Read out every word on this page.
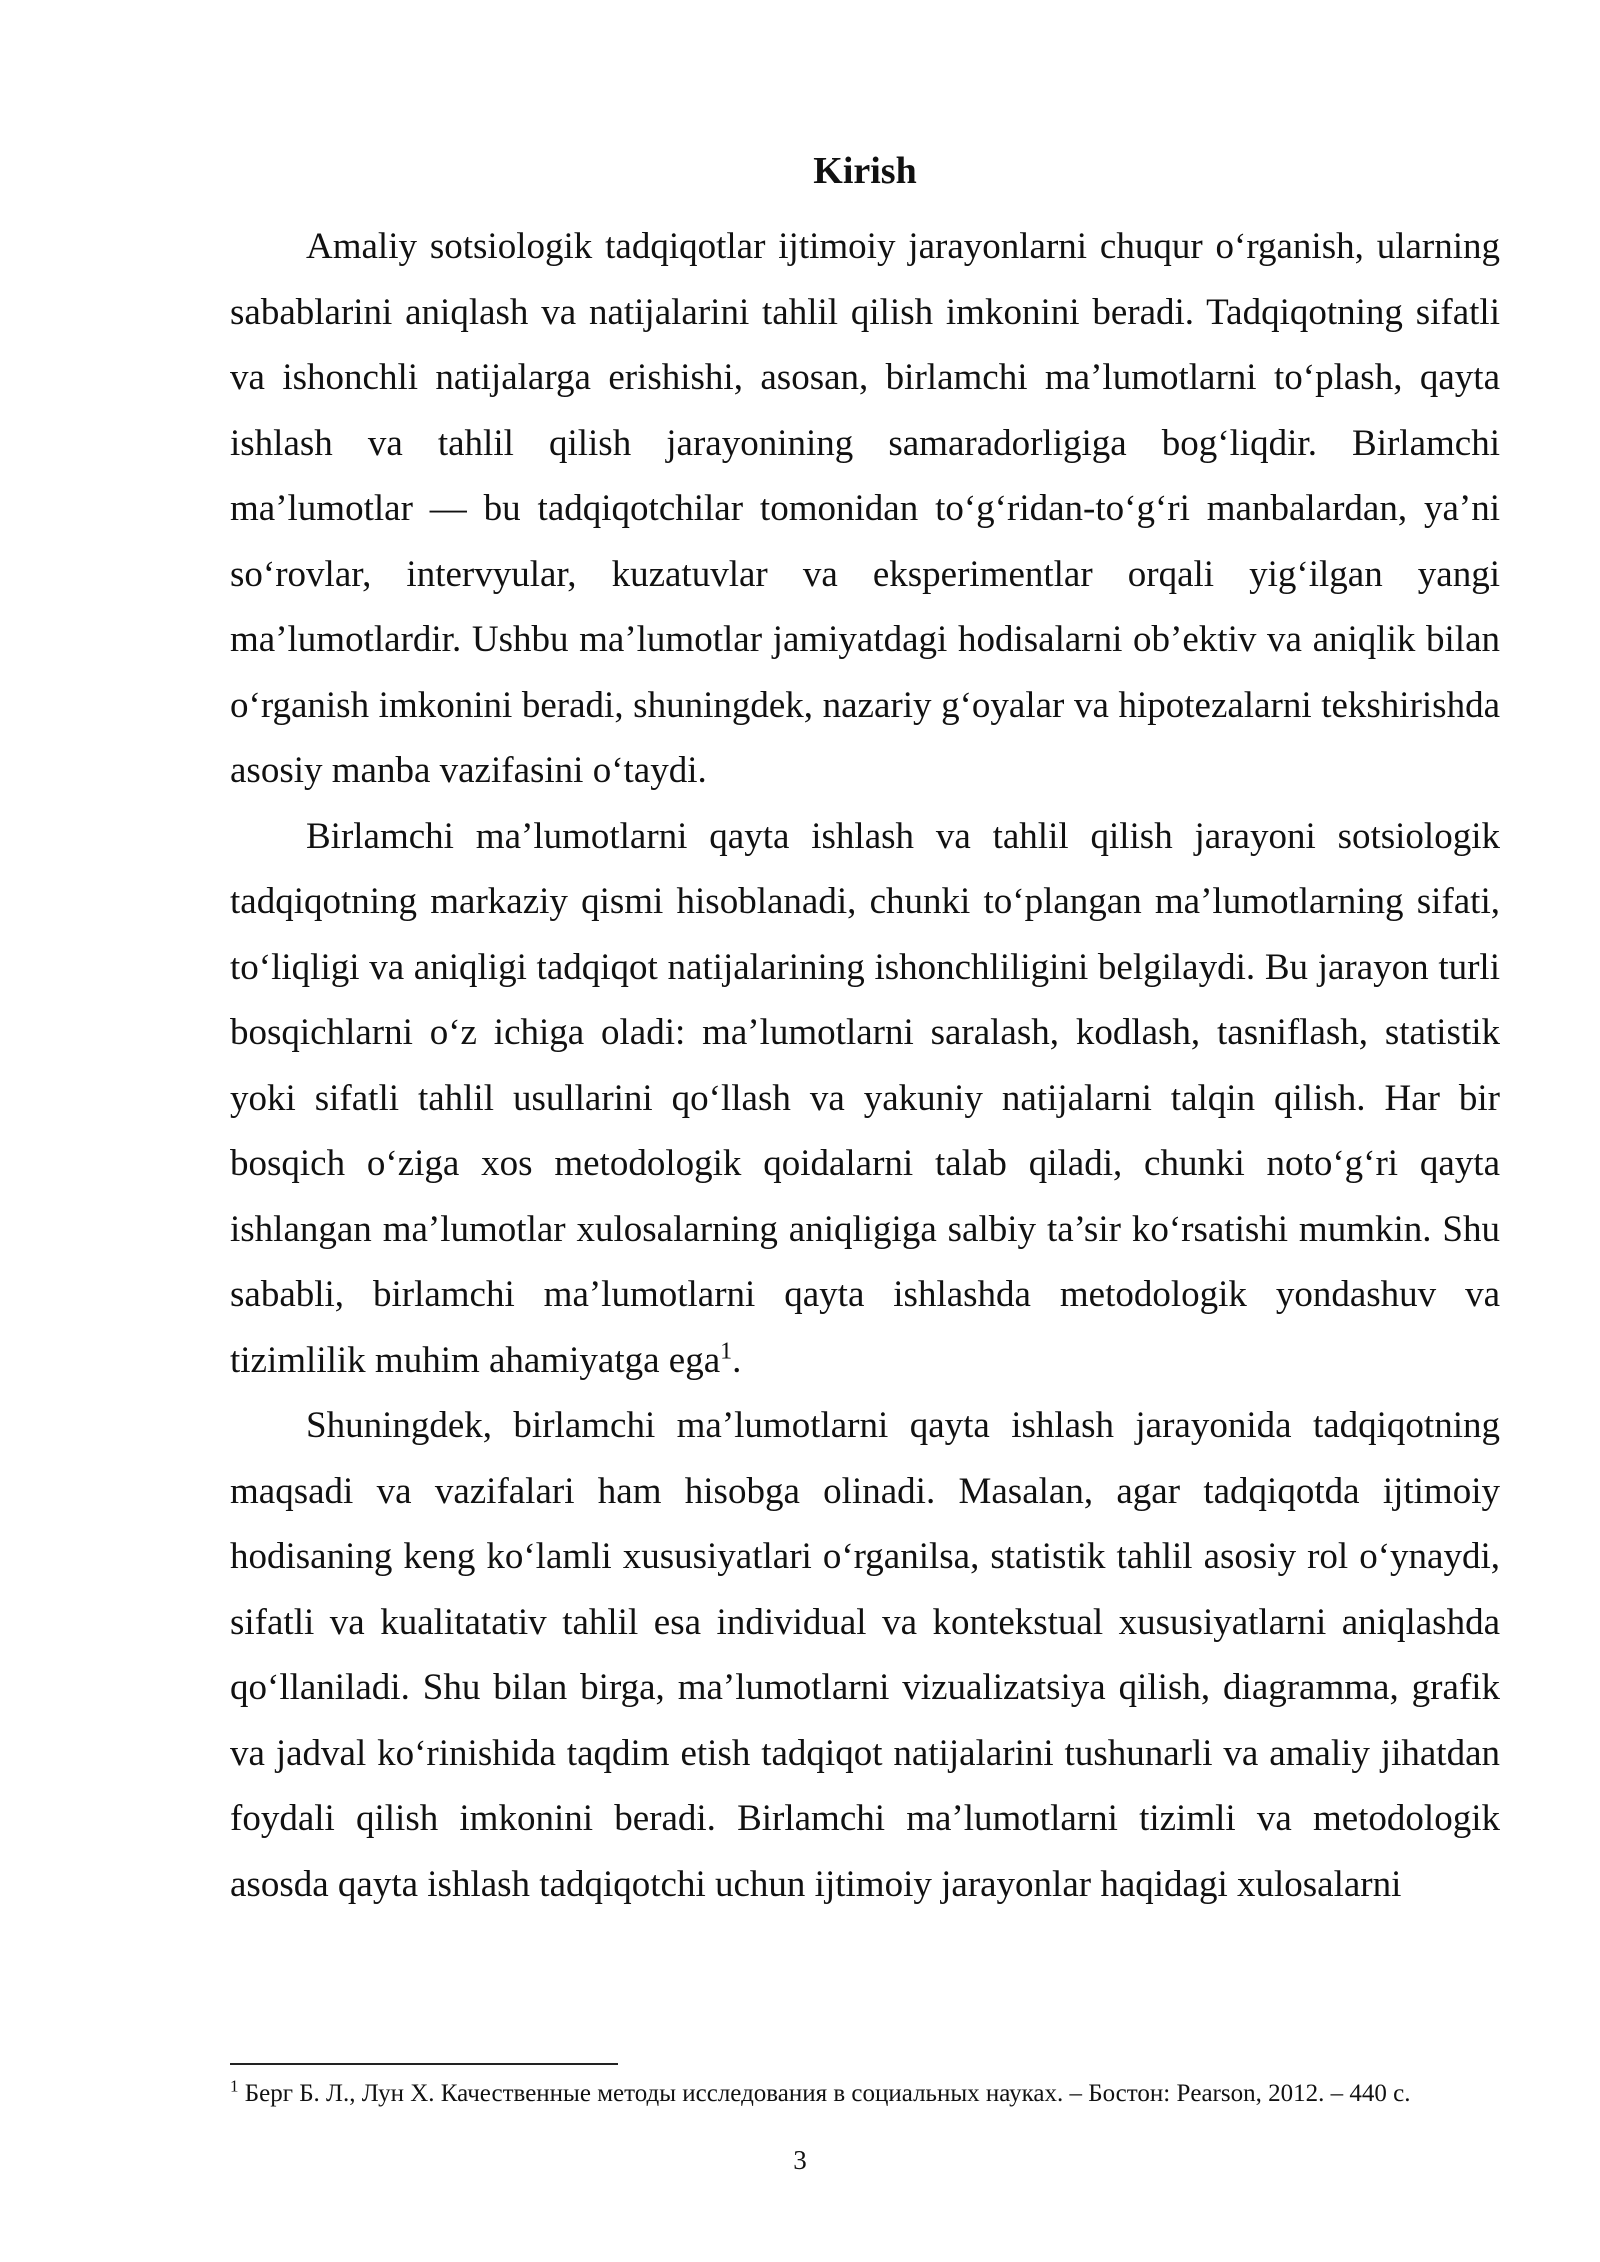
Kirish

Amaliy sotsiologik tadqiqotlar ijtimoiy jarayonlarni chuqur o‘rganish, ularning sabablarini aniqlash va natijalarini tahlil qilish imkonini beradi. Tadqiqotning sifatli va ishonchli natijalarga erishishi, asosan, birlamchi ma’lumotlarni to‘plash, qayta ishlash va tahlil qilish jarayonining samaradorligiga bog‘liqdir. Birlamchi ma’lumotlar — bu tadqiqotchilar tomonidan to‘g‘ridan-to‘g‘ri manbalardan, ya’ni so‘rovlar, intervyular, kuzatuvlar va eksperimentlar orqali yig‘ilgan yangi ma’lumotlardir. Ushbu ma’lumotlar jamiyatdagi hodisalarni ob’ektiv va aniqlik bilan o‘rganish imkonini beradi, shuningdek, nazariy g‘oyalar va hipotezalarni tekshirishda asosiy manba vazifasini o‘taydi.

Birlamchi ma’lumotlarni qayta ishlash va tahlil qilish jarayoni sotsiologik tadqiqotning markaziy qismi hisoblanadi, chunki to‘plangan ma’lumotlarning sifati, to‘liqligi va aniqligi tadqiqot natijalarining ishonchliligini belgilaydi. Bu jarayon turli bosqichlarni o‘z ichiga oladi: ma’lumotlarni saralash, kodlash, tasniflash, statistik yoki sifatli tahlil usullarini qo‘llash va yakuniy natijalarni talqin qilish. Har bir bosqich o‘ziga xos metodologik qoidalarni talab qiladi, chunki noto‘g‘ri qayta ishlangan ma’lumotlar xulosalarning aniqligiga salbiy ta’sir ko‘rsatishi mumkin. Shu sababli, birlamchi ma’lumotlarni qayta ishlashda metodologik yondashuv va tizimlilik muhim ahamiyatga ega$^1$.

Shuningdek, birlamchi ma’lumotlarni qayta ishlash jarayonida tadqiqotning maqsadi va vazifalari ham hisobga olinadi. Masalan, agar tadqiqotda ijtimoiy hodisaning keng ko‘lamli xususiyatlari o‘rganilsa, statistik tahlil asosiy rol o‘ynaydi, sifatli va kualitatativ tahlil esa individual va kontekstual xususiyatlarni aniqlashda qo‘llaniladi. Shu bilan birga, ma’lumotlarni vizualizatsiya qilish, diagramma, grafik va jadval ko‘rinishida taqdim etish tadqiqot natijalarini tushunarli va amaliy jihatdan foydali qilish imkonini beradi. Birlamchi ma’lumotlarni tizimli va metodologik asosda qayta ishlash tadqiqotchi uchun ijtimoiy jarayonlar haqidagi xulosalarni

$^1$ Берг Б. Л., Лун Х. Качественные методы исследования в социальных науках. – Бостон: Pearson, 2012. – 440 с.

3
